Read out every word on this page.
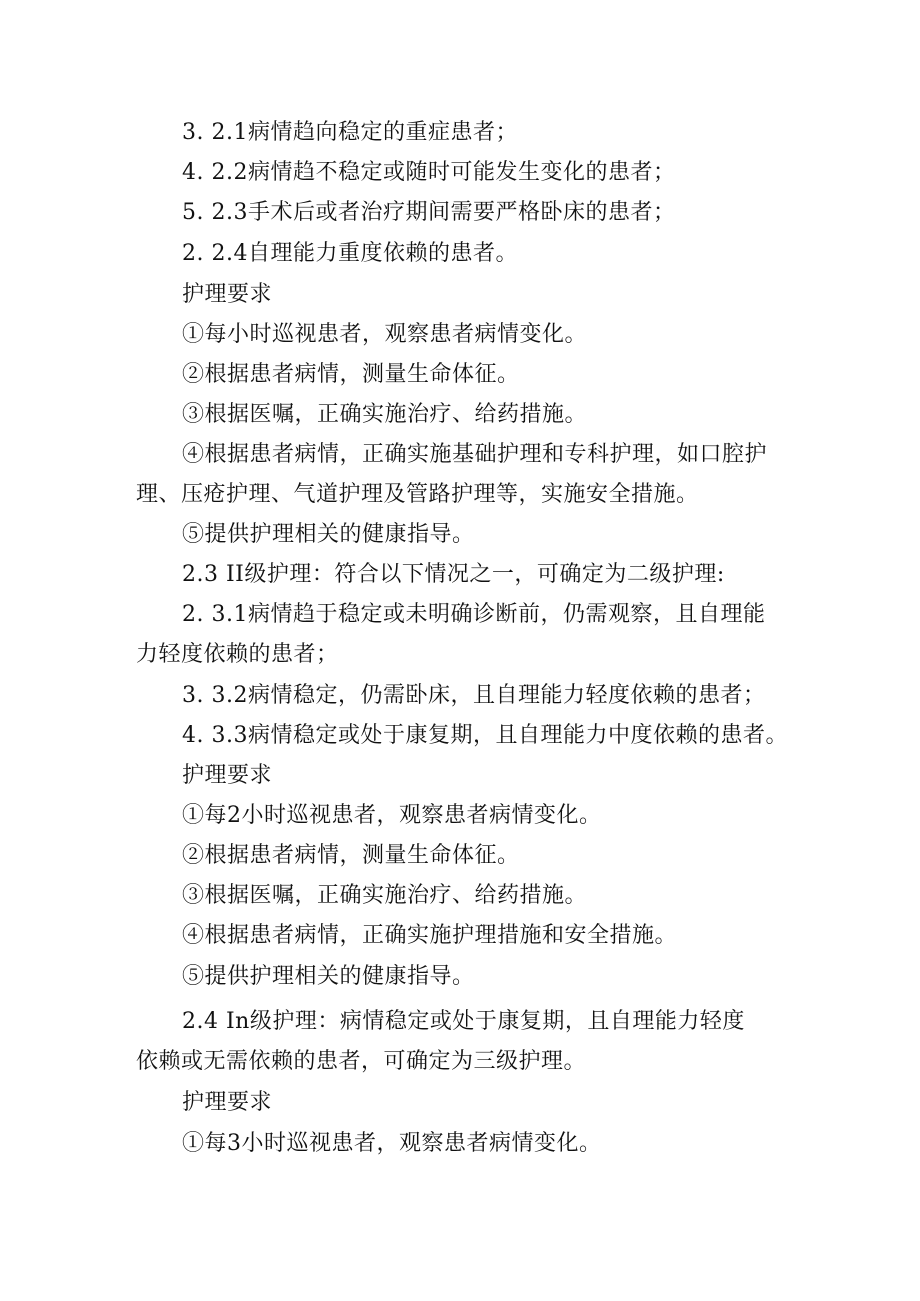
3. 2.1病情趋向稳定的重症患者；
4. 2.2病情趋不稳定或随时可能发生变化的患者；
5. 2.3手术后或者治疗期间需要严格卧床的患者；
2. 2.4自理能力重度依赖的患者。
护理要求
①每小时巡视患者，观察患者病情变化。
②根据患者病情，测量生命体征。
③根据医嘱，正确实施治疗、给药措施。
④根据患者病情，正确实施基础护理和专科护理，如口腔护
理、压疮护理、气道护理及管路护理等，实施安全措施。
⑤提供护理相关的健康指导。
2.3 II级护理：符合以下情况之一，可确定为二级护理:
2. 3.1病情趋于稳定或未明确诊断前，仍需观察，且自理能
力轻度依赖的患者；
3. 3.2病情稳定，仍需卧床，且自理能力轻度依赖的患者；
4. 3.3病情稳定或处于康复期，且自理能力中度依赖的患者。
护理要求
①每2小时巡视患者，观察患者病情变化。
②根据患者病情，测量生命体征。
③根据医嘱，正确实施治疗、给药措施。
④根据患者病情，正确实施护理措施和安全措施。
⑤提供护理相关的健康指导。
2.4 In级护理：病情稳定或处于康复期，且自理能力轻度
依赖或无需依赖的患者，可确定为三级护理。
护理要求
①每3小时巡视患者，观察患者病情变化。
